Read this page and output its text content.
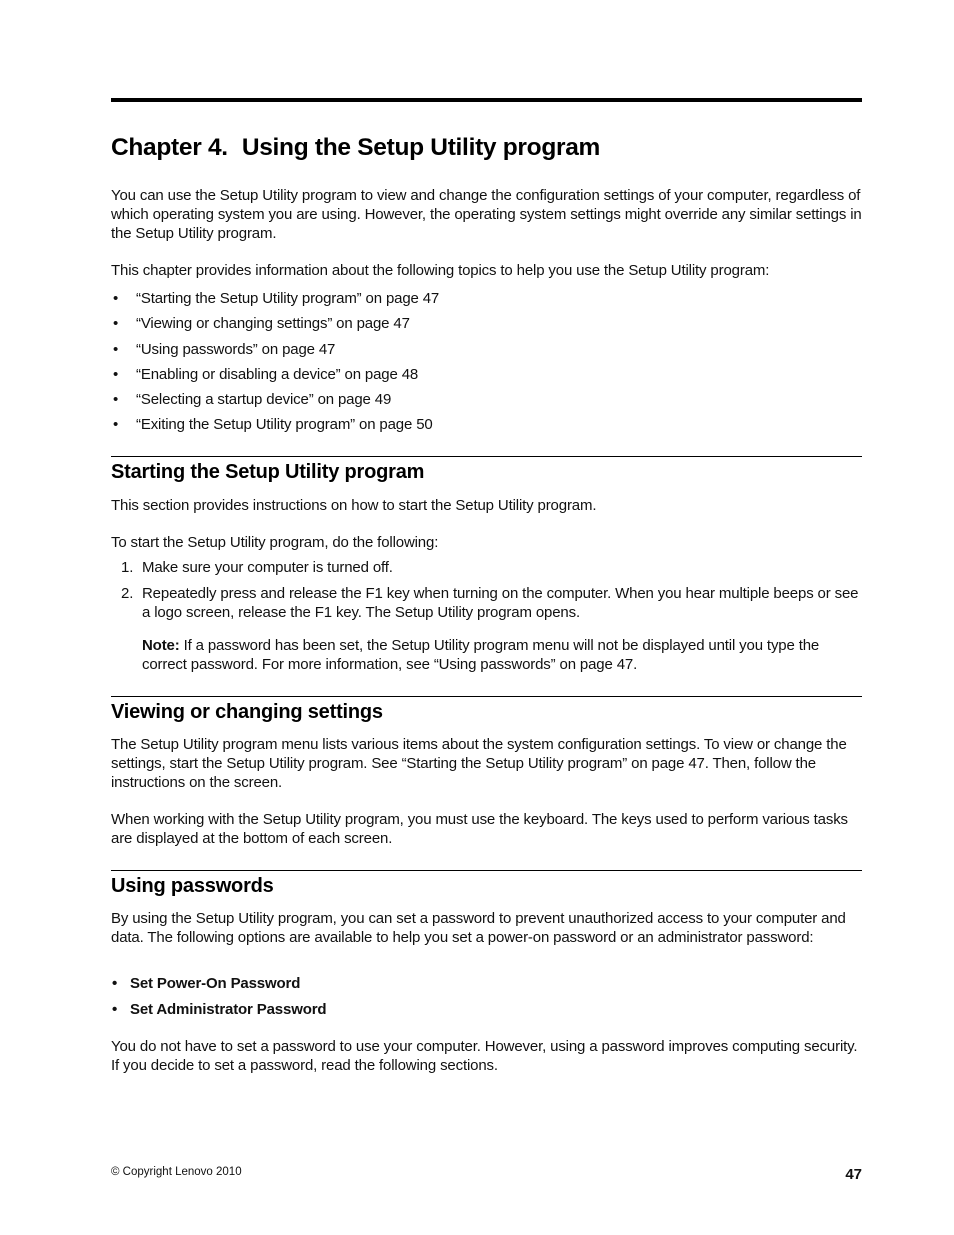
Chapter 4. Using the Setup Utility program

You can use the Setup Utility program to view and change the configuration settings of your computer, regardless of which operating system you are using. However, the operating system settings might override any similar settings in the Setup Utility program.

This chapter provides information about the following topics to help you use the Setup Utility program:

• “Starting the Setup Utility program” on page 47
• “Viewing or changing settings” on page 47
• “Using passwords” on page 47
• “Enabling or disabling a device” on page 48
• “Selecting a startup device” on page 49
• “Exiting the Setup Utility program” on page 50
Starting the Setup Utility program

This section provides instructions on how to start the Setup Utility program.

To start the Setup Utility program, do the following:

1. Make sure your computer is turned off.
2. Repeatedly press and release the F1 key when turning on the computer. When you hear multiple beeps or see a logo screen, release the F1 key. The Setup Utility program opens.

Note: If a password has been set, the Setup Utility program menu will not be displayed until you type the correct password. For more information, see “Using passwords” on page 47.

Viewing or changing settings

The Setup Utility program menu lists various items about the system configuration settings. To view or change the settings, start the Setup Utility program. See “Starting the Setup Utility program” on page 47. Then, follow the instructions on the screen.

When working with the Setup Utility program, you must use the keyboard. The keys used to perform various tasks are displayed at the bottom of each screen.

Using passwords

By using the Setup Utility program, you can set a password to prevent unauthorized access to your computer and data. The following options are available to help you set a power-on password or an administrator password:

• Set Power-On Password
• Set Administrator Password

You do not have to set a password to use your computer. However, using a password improves computing security. If you decide to set a password, read the following sections.

© Copyright Lenovo 2010	47
